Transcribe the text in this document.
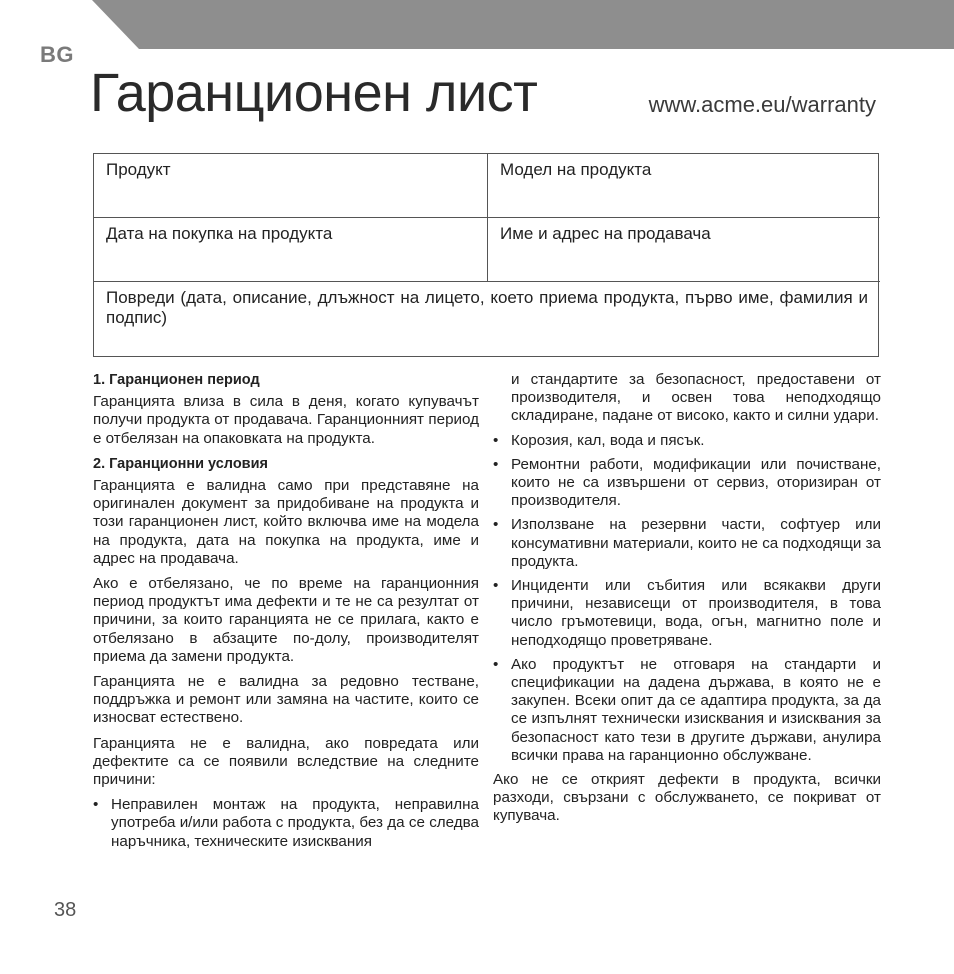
BG
Гаранционен лист	www.acme.eu/warranty
Продукт	Модел на продукта
Дата на покупка на продукта	Име и адрес на продавача
Повреди (дата, описание, длъжност на лицето, което приема продукта, първо име, фамилия и подпис)
1. Гаранционен период

Гаранцията влиза в сила в деня, когато купувачът получи продукта от продавача. Гаранционният период е отбелязан на опаковката на продукта.

2. Гаранционни условия

Гаранцията е валидна само при представяне на оригинален документ за придобиване на продукта и този гаранционен лист, който включва име на модела на продукта, дата на покупка на продукта, име и адрес на продавача.

Ако е отбелязано, че по време на гаранционния период продуктът има дефекти и те не са резултат от причини, за които гаранцията не се прилага, както е отбелязано в абзаците по-долу, производителят приема да замени продукта.

Гаранцията не е валидна за редовно тестване, поддръжка и ремонт или замяна на частите, които се износват естествено.

Гаранцията не е валидна, ако повредата или дефектите са се появили вследствие на следните причини:

• Неправилен монтаж на продукта, неправилна употреба и/или работа с продукта, без да се следва наръчника, техническите изисквания
и стандартите за безопасност, предоставени от производителя, и освен това неподходящо складиране, падане от високо, както и силни удари.
• Корозия, кал, вода и пясък.
• Ремонтни работи, модификации или почистване, които не са извършени от сервиз, оторизиран от производителя.
• Използване на резервни части, софтуер или консумативни материали, които не са подходящи за продукта.
• Инциденти или събития или всякакви други причини, независещи от производителя, в това число гръмотевици, вода, огън, магнитно поле и неподходящо проветряване.
• Ако продуктът не отговаря на стандарти и спецификации на дадена държава, в която не е закупен. Всеки опит да се адаптира продукта, за да се изпълнят технически изисквания и изисквания за безопасност като тези в другите държави, анулира всички права на гаранционно обслужване.

Ако не се открият дефекти в продукта, всички разходи, свързани с обслужването, се покриват от купувача.

38
